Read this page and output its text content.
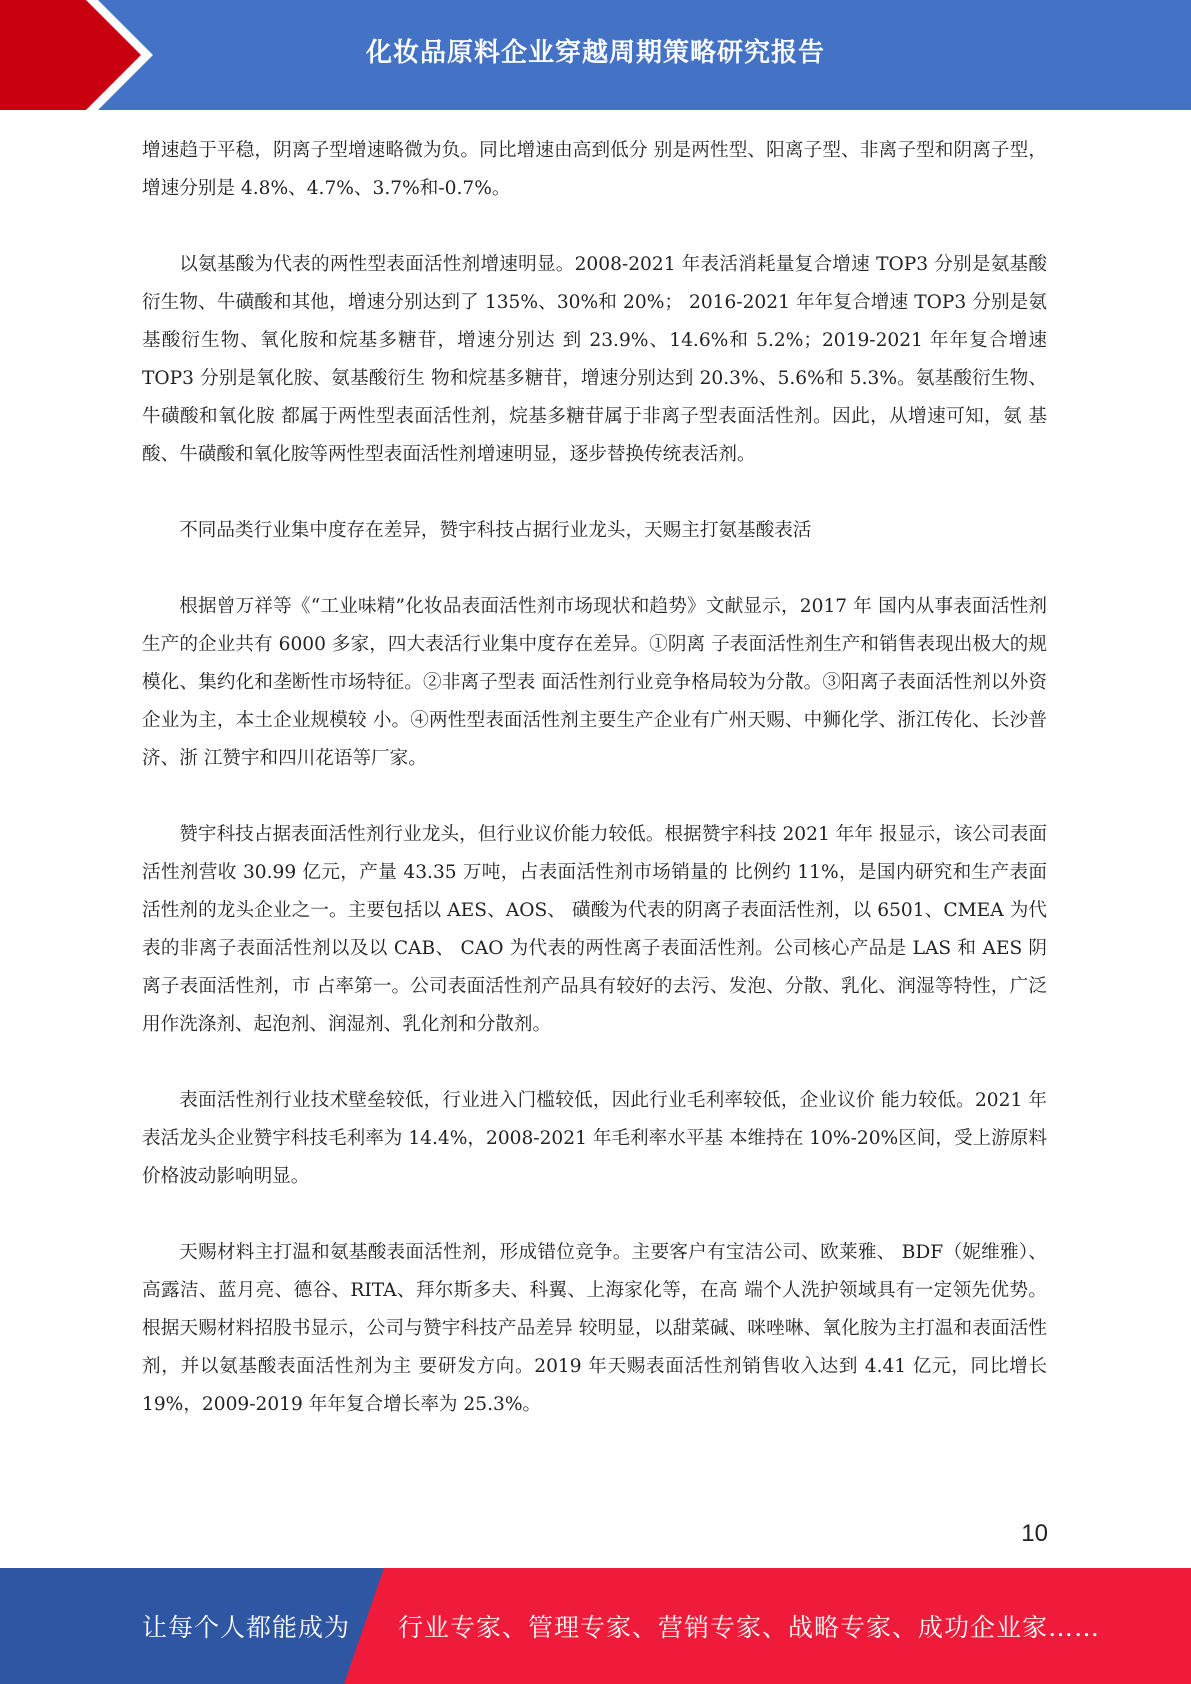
化妆品原料企业穿越周期策略研究报告

增速趋于平稳，阴离子型增速略微为负。同比增速由高到低分 别是两性型、阳离子型、非离子型和阴离子型，增速分别是 4.8%、4.7%、3.7%和-0.7%。

以氨基酸为代表的两性型表面活性剂增速明显。2008-2021 年表活消耗量复合增速 TOP3 分别是氨基酸衍生物、牛磺酸和其他，增速分别达到了 135%、30%和 20%； 2016-2021 年年复合增速 TOP3 分别是氨基酸衍生物、氧化胺和烷基多糖苷，增速分别达 到 23.9%、14.6%和 5.2%；2019-2021 年年复合增速 TOP3 分别是氧化胺、氨基酸衍生 物和烷基多糖苷，增速分别达到 20.3%、5.6%和 5.3%。氨基酸衍生物、牛磺酸和氧化胺 都属于两性型表面活性剂，烷基多糖苷属于非离子型表面活性剂。因此，从增速可知，氨 基酸、牛磺酸和氧化胺等两性型表面活性剂增速明显，逐步替换传统表活剂。

不同品类行业集中度存在差异，赞宇科技占据行业龙头，天赐主打氨基酸表活

根据曾万祥等《“工业味精”化妆品表面活性剂市场现状和趋势》文献显示，2017 年 国内从事表面活性剂生产的企业共有 6000 多家，四大表活行业集中度存在差异。①阴离 子表面活性剂生产和销售表现出极大的规模化、集约化和垄断性市场特征。②非离子型表 面活性剂行业竞争格局较为分散。③阳离子表面活性剂以外资企业为主，本土企业规模较 小。④两性型表面活性剂主要生产企业有广州天赐、中狮化学、浙江传化、长沙普济、浙 江赞宇和四川花语等厂家。

赞宇科技占据表面活性剂行业龙头，但行业议价能力较低。根据赞宇科技 2021 年年 报显示，该公司表面活性剂营收 30.99 亿元，产量 43.35 万吨，占表面活性剂市场销量的 比例约 11%，是国内研究和生产表面活性剂的龙头企业之一。主要包括以 AES、AOS、 磺酸为代表的阴离子表面活性剂，以 6501、CMEA 为代表的非离子表面活性剂以及以 CAB、 CAO 为代表的两性离子表面活性剂。公司核心产品是 LAS 和 AES 阴离子表面活性剂，市 占率第一。公司表面活性剂产品具有较好的去污、发泡、分散、乳化、润湿等特性，广泛 用作洗涤剂、起泡剂、润湿剂、乳化剂和分散剂。

表面活性剂行业技术壁垒较低，行业进入门槛较低，因此行业毛利率较低，企业议价 能力较低。2021 年表活龙头企业赞宇科技毛利率为 14.4%，2008-2021 年毛利率水平基 本维持在 10%-20%区间，受上游原料价格波动影响明显。

天赐材料主打温和氨基酸表面活性剂，形成错位竞争。主要客户有宝洁公司、欧莱雅、 BDF（妮维雅）、高露洁、蓝月亮、德谷、RITA、拜尔斯多夫、科翼、上海家化等，在高 端个人洗护领域具有一定领先优势。根据天赐材料招股书显示，公司与赞宇科技产品差异 较明显，以甜菜碱、咪唑啉、氧化胺为主打温和表面活性剂，并以氨基酸表面活性剂为主 要研发方向。2019 年天赐表面活性剂销售收入达到 4.41 亿元，同比增长 19%，2009-2019 年年复合增长率为 25.3%。

10
让每个人都能成为 行业专家、管理专家、营销专家、战略专家、成功企业家……
